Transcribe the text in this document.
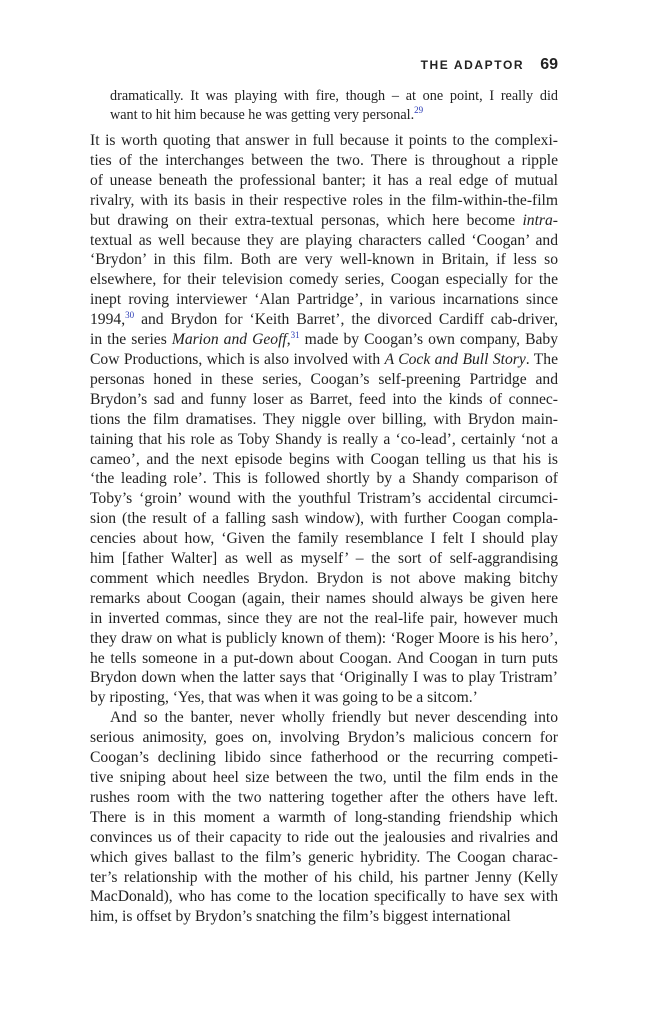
THE ADAPTOR 69
dramatically. It was playing with fire, though – at one point, I really did
want to hit him because he was getting very personal.$^{29}$
It is worth quoting that answer in full because it points to the complexi-
ties of the interchanges between the two. There is throughout a ripple
of unease beneath the professional banter; it has a real edge of mutual
rivalry, with its basis in their respective roles in the film-within-the-film
but drawing on their extra-textual personas, which here become intra-
textual as well because they are playing characters called ‘Coogan’ and
‘Brydon’ in this film. Both are very well-known in Britain, if less so
elsewhere, for their television comedy series, Coogan especially for the
inept roving interviewer ‘Alan Partridge’, in various incarnations since
1994,30 and Brydon for ‘Keith Barret’, the divorced Cardiff cab-driver,
in the series Marion and Geoff,$^{31}$ made by Coogan’s own company, Baby
Cow Productions, which is also involved with A Cock and Bull Story. The
personas honed in these series, Coogan’s self-preening Partridge and
Brydon’s sad and funny loser as Barret, feed into the kinds of connec-
tions the film dramatises. They niggle over billing, with Brydon main-
taining that his role as Toby Shandy is really a ‘co-lead’, certainly ‘not a
cameo’, and the next episode begins with Coogan telling us that his is
‘the leading role’. This is followed shortly by a Shandy comparison of
Toby’s ‘groin’ wound with the youthful Tristram’s accidental circumci-
sion (the result of a falling sash window), with further Coogan compla-
cencies about how, ‘Given the family resemblance I felt I should play
him [father Walter] as well as myself’ – the sort of self-aggrandising
comment which needles Brydon. Brydon is not above making bitchy
remarks about Coogan (again, their names should always be given here
in inverted commas, since they are not the real-life pair, however much
they draw on what is publicly known of them): ‘Roger Moore is his hero’,
he tells someone in a put-down about Coogan. And Coogan in turn puts
Brydon down when the latter says that ‘Originally I was to play Tristram’
by riposting, ‘Yes, that was when it was going to be a sitcom.’
And so the banter, never wholly friendly but never descending into
serious animosity, goes on, involving Brydon’s malicious concern for
Coogan’s declining libido since fatherhood or the recurring competi-
tive sniping about heel size between the two, until the film ends in the
rushes room with the two nattering together after the others have left.
There is in this moment a warmth of long-standing friendship which
convinces us of their capacity to ride out the jealousies and rivalries and
which gives ballast to the film’s generic hybridity. The Coogan charac-
ter’s relationship with the mother of his child, his partner Jenny (Kelly
MacDonald), who has come to the location specifically to have sex with
him, is offset by Brydon’s snatching the film’s biggest international
